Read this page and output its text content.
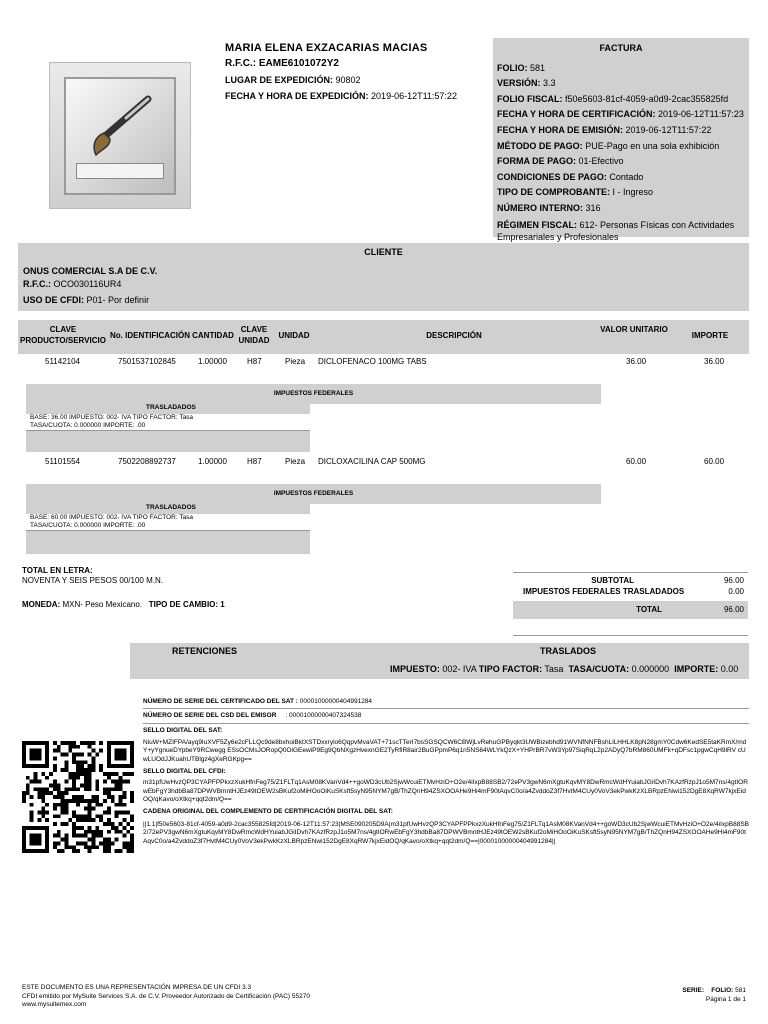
MARIA ELENA EXZACARIAS MACIAS
R.F.C.: EAME6101072Y2
LUGAR DE EXPEDICIÓN: 90802
FECHA Y HORA DE EXPEDICIÓN: 2019-06-12T11:57:22
FACTURA
FOLIO: 581
VERSIÓN: 3.3
FOLIO FISCAL: f50e5603-81cf-4059-a0d9-2cac355825fd
FECHA Y HORA DE CERTIFICACIÓN: 2019-06-12T11:57:23
FECHA Y HORA DE EMISIÓN: 2019-06-12T11:57:22
MÉTODO DE PAGO: PUE-Pago en una sola exhibición
FORMA DE PAGO: 01-Efectivo
CONDICIONES DE PAGO: Contado
TIPO DE COMPROBANTE: I - Ingreso
NÚMERO INTERNO: 316
RÉGIMEN FISCAL: 612- Personas Físicas con Actividades Empresariales y Profesionales
CLIENTE
ONUS COMERCIAL S.A DE C.V.
R.F.C.: OCO030116UR4
USO DE CFDI: P01- Por definir
CLAVE PRODUCTO/SERVICIO
No. IDENTIFICACIÓN CANTIDAD
CLAVE UNIDAD
UNIDAD	DESCRIPCIÓN
VALOR UNITARIO
IMPORTE
51142104	7501537102845	1.00000	H87	Pieza DICLOFENACO 100MG TABS	36.00	36.00
IMPUESTOS FEDERALES
TRASLADADOS
BASE: 36.00 IMPUESTO: 002- IVA TIPO FACTOR: Tasa
TASA/CUOTA: 0.000000 IMPORTE: .00
51101554	7502208892737	1.00000	H87	Pieza DICLOXACILINA CAP 500MG	60.00	60.00
IMPUESTOS FEDERALES
TRASLADADOS
BASE: 60.00 IMPUESTO: 002- IVA TIPO FACTOR: Tasa
TASA/CUOTA: 0.000000 IMPORTE: .00
TOTAL EN LETRA:
NOVENTA Y SEIS PESOS 00/100 M.N.
MONEDA: MXN- Peso Mexicano. TIPO DE CAMBIO: 1
SUBTOTAL	96.00
IMPUESTOS FEDERALES TRASLADADOS	0.00
TOTAL	96.00
RETENCIONES	TRASLADOS
IMPUESTO: 002- IVA TIPO FACTOR: Tasa TASA/CUOTA: 0.000000 IMPORTE: 0.00
NÚMERO DE SERIE DEL CERTIFICADO DEL SAT : 00001000000404991284
NÚMERO DE SERIE DEL CSD DEL EMISOR : 00001000000407324538
SELLO DIGITAL DEL SAT:
NiuW+MZIFPA/ayq9IuXVF5Zy6e2cFLLQc9de8bxhoiBktXSTDxxrylo6QqpvMvaVAT+71scTTerI7bsSGSQCW6CBWjLvRehuGPByqkt3UWBizebhd91WVNfNNFBshLlLHHLK8pN28gmY0Cdw6KedSE5taKRmX/mdY+yYgnueDYpbeY9RCwegg ESsOCMsJORopQ0OiGEewiP9Eg9QbNXgzHvexnGE2TyRfiR8air2BuGPpmP6q1n5NS64WLYkQzX+YHPrBR7vW3Yp97SiqRqL2p2ADyQ7bRM860UMFk+qDFsc1pgwCqH9lRV cUwLUOdJJKuahUTBlgz4gXeRGKpg==
SELLO DIGITAL DEL CFDI:
m31pfUwHvzQP3CYAPFPPkxzXukHfnFeg75/Z1FLTq1AsM08KVanVd4++goWD3cUb2SjwWcuiETMvHziO+O2e/4iIxpB88SB2/72ePV3gwN6mXgtuKqvMY8DwRmcWdHYuiabJGiIDvh7KAzfRzpJ1o5M7ns/4gtIORwEbFgY3hdbBa87DPWVBmntHJEz49tOEW2sBKuf2oMiHOoOiKuSKsft5syN95NYM7gB/ThZQnH94ZSXOOAHe9Hi4mF90tAqvC0o/a4ZvddoZ3f7HvtM4CUy0VoV3ekPwkKzXLBRpzENwi152DgE8XqRW7kjxEidOQ/qKavo/oXtkq+qqt2dm/Q==
CADENA ORIGINAL DEL COMPLEMENTO DE CERTIFICACIÓN DIGITAL DEL SAT:
||1.1|f50e5603-81cf-4059-a0d9-2cac355825fd|2019-06-12T11:57:23|MSE090205D9A|m31pfUwHvzQP3CYAPFPPkxzXukHfnFeg75/Z1FLTq1AsM08KVanVd4++goWD3cUb2SjwWcuiETMvHziO+O2e/4iIxpB88SB2/72ePV3gwN6mXgtuKqvMY8DwRmcWdHYuiabJGiIDvh7KAzfRzpJ1o5M7ns/4gtIORwEbFgY3hdbBa87DPWVBmntHJEz49tOEW2sBKuf2oMiHOoOiKuSKsft5syN95NYM7gB/ThZQnH94ZSXOOAHe9Hi4mF90tAqvC0o/a4ZvddoZ3f7HvtM4CUy0VoV3ekPwkKzXLBRpzENwi152DgE8XqRW7kjxEidOQ/qKavo/oXtkq+qqt2dm/Q==|00001000000404991284||
ESTE DOCUMENTO ES UNA REPRESENTACIÓN IMPRESA DE UN CFDI 3.3
CFDI emitido por MySuite Services S.A. de C.V. Proveedor Autorizado de Certificación (PAC) 55270
www.mysuitemex.com
SERIE: FOLIO: 581
Página 1 de 1
